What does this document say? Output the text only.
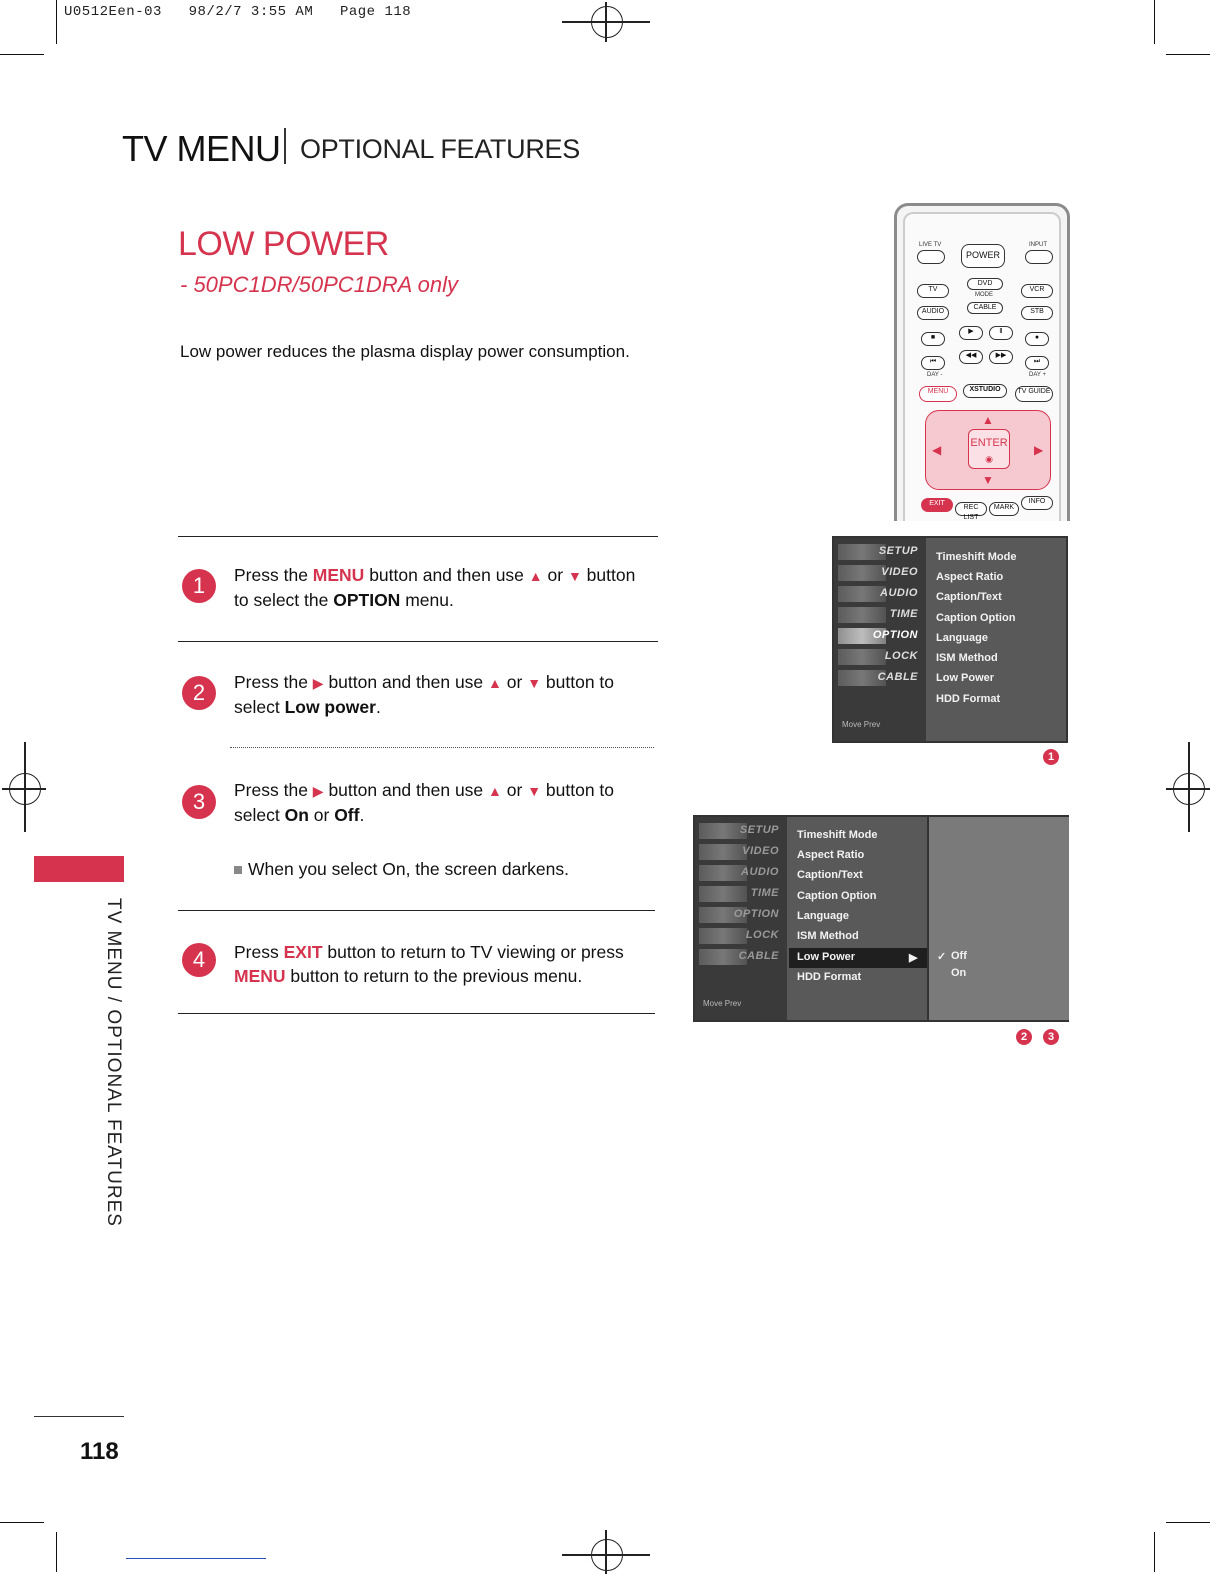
U0512Een-03   98/2/7 3:55 AM   Page 118
TV MENU OPTIONAL FEATURES
LOW POWER
- 50PC1DR/50PC1DRA only
Low power reduces the plasma display power consumption.
1	Press the MENU button and then use ▲ or ▼ button to select the OPTION menu.
2	Press the ▶ button and then use ▲ or ▼ button to select Low power.
3	Press the ▶ button and then use ▲ or ▼ button to select On or Off.
When you select On, the screen darkens.
4	Press EXIT button to return to TV viewing or press MENU button to return to the previous menu.
TV MENU / OPTIONAL FEATURES
118
LIVE TV
POWER
INPUT
TV
DVD
VCR
MODE
AUDIO
CABLE
STB
■
▶	Ⅱ
●
⏮
◀◀	▶▶
⏭
DAY -	DAY +
MENU	XSTUDIO	TV GUIDE
▲
▼
◀	▶
ENTER
◉
EXIT
REC LIST
MARK
INFO
SETUP
VIDEO
AUDIO
TIME
OPTION
LOCK
CABLE
Move Prev
Timeshift Mode
Aspect Ratio
Caption/Text
Caption Option
Language
ISM Method
Low Power
HDD Format
1
SETUP
VIDEO
AUDIO
TIME
OPTION
LOCK
CABLE
Move Prev
Timeshift Mode
Aspect Ratio
Caption/Text
Caption Option
Language
ISM Method
Low Power	▶
HDD Format
✓ Off
On
2	3
